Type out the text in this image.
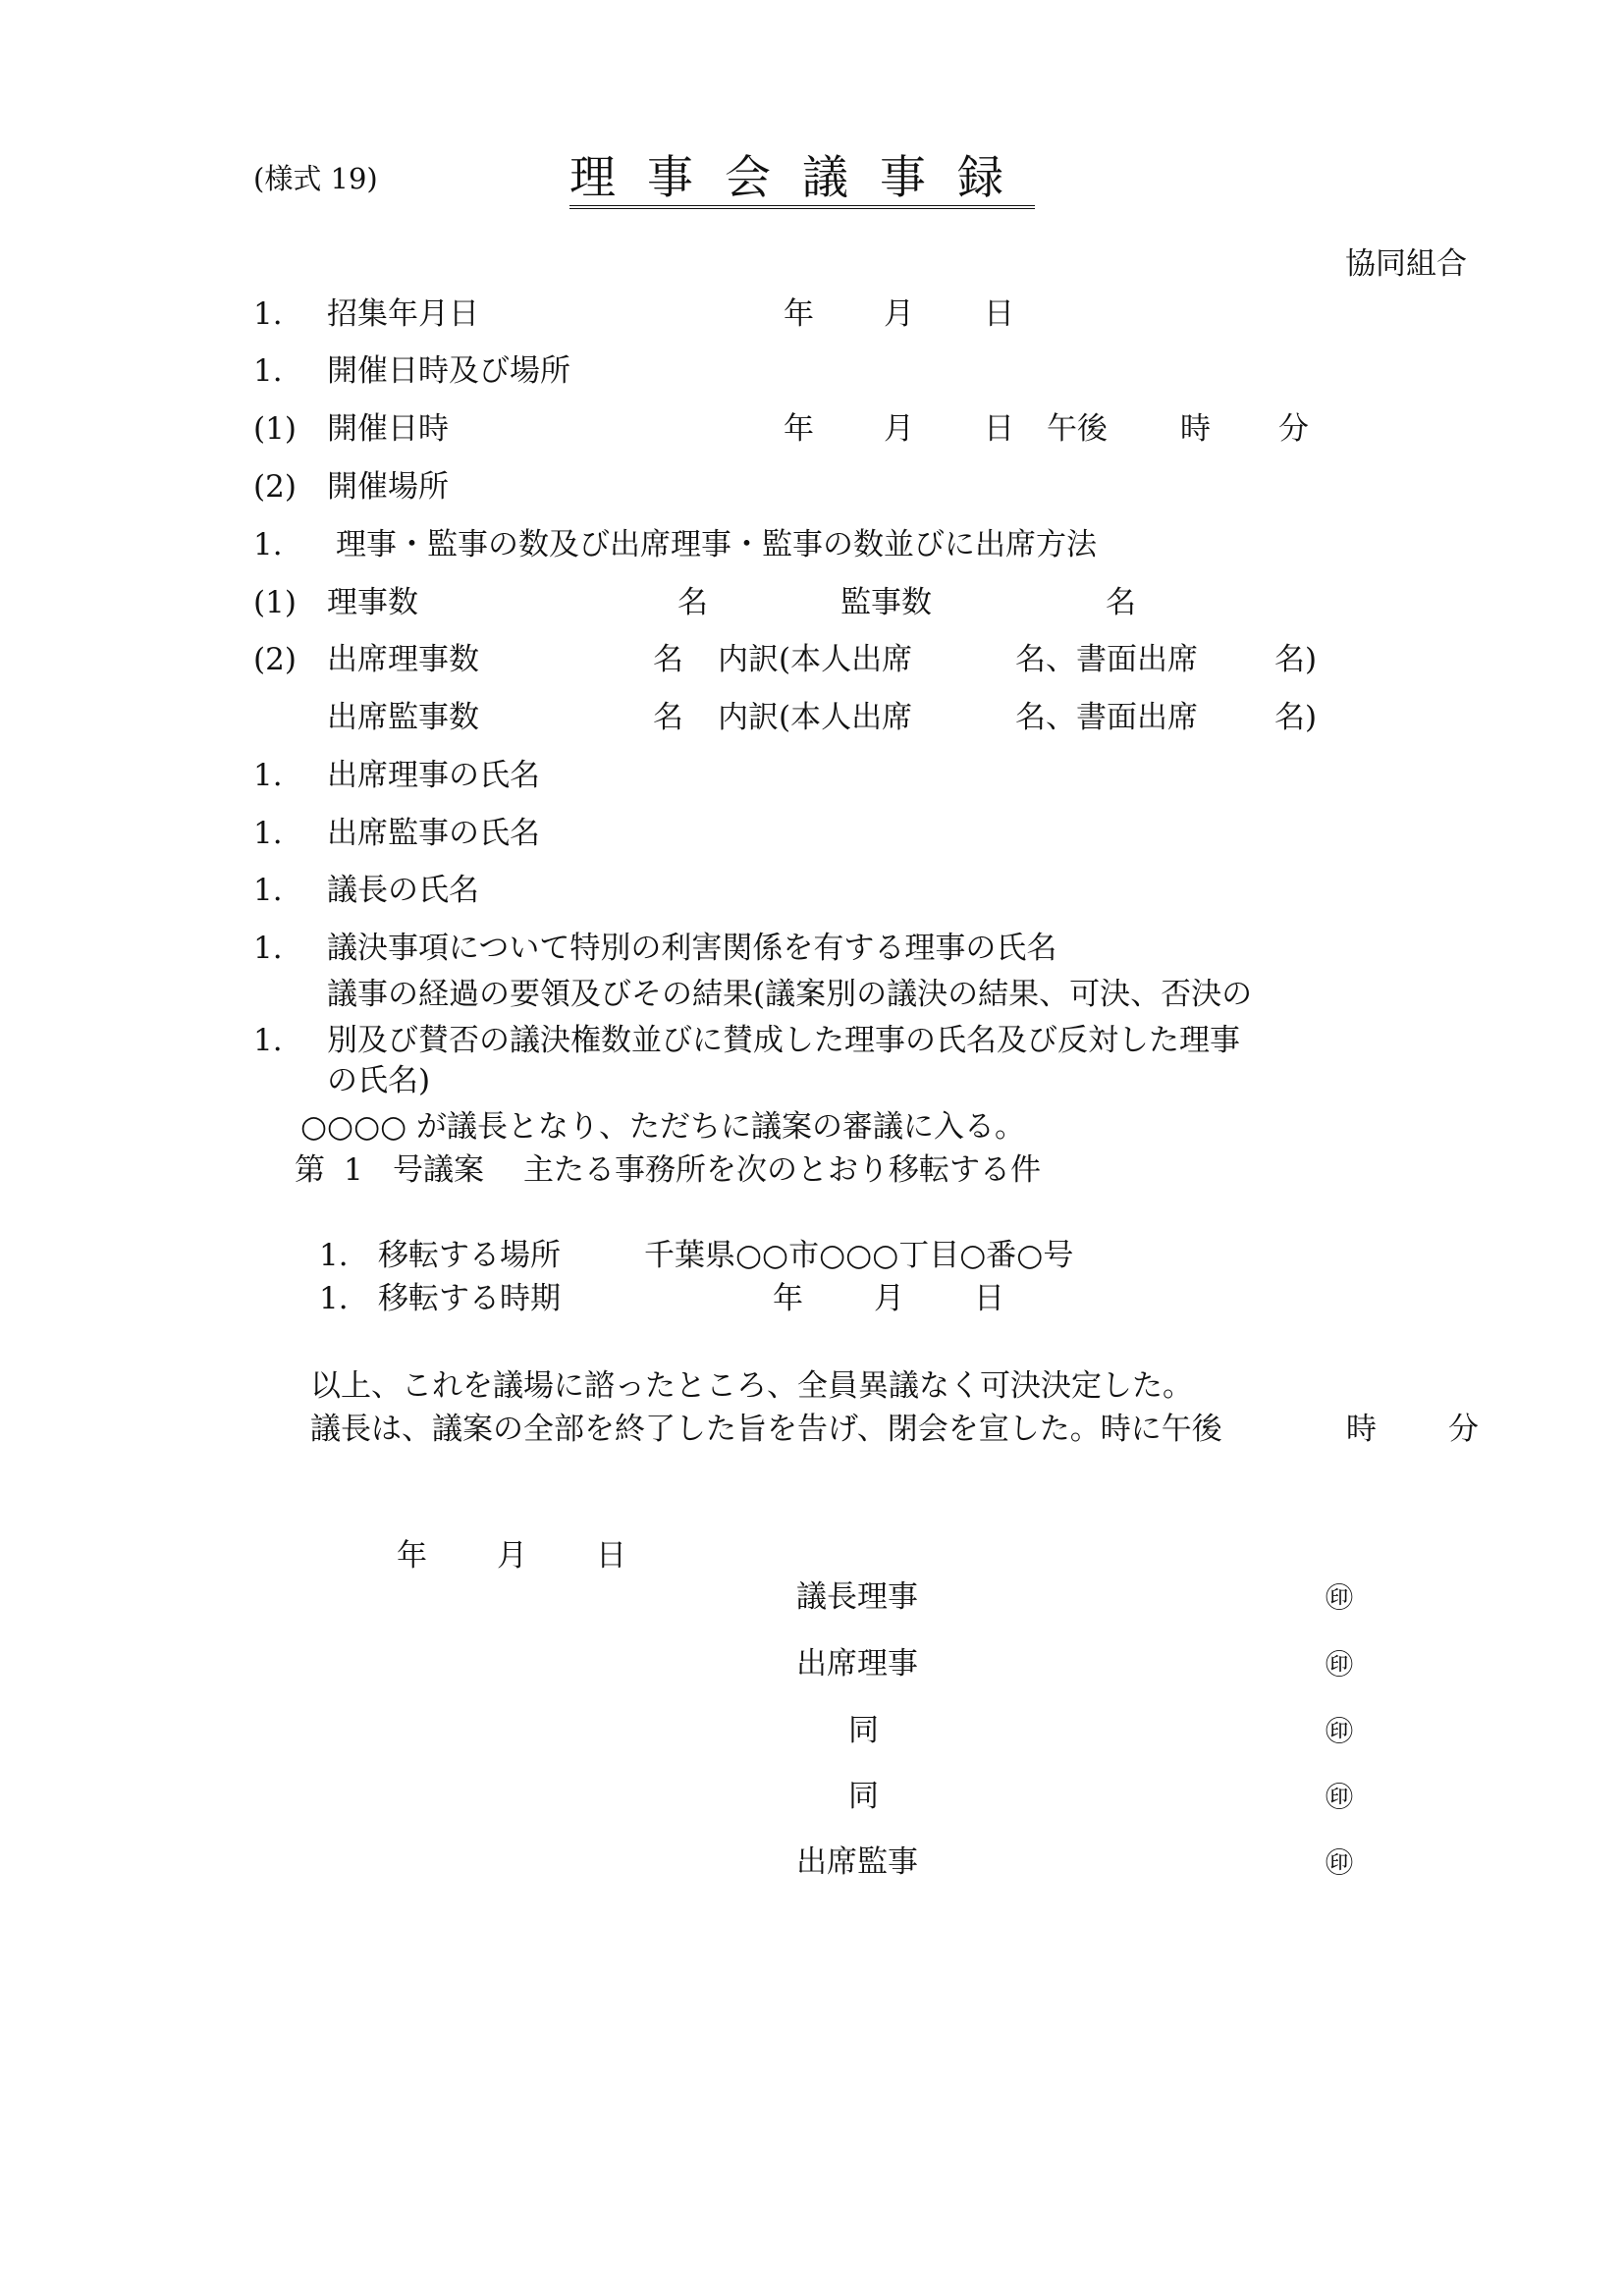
(様式 19)	理事会議事録
協同組合
1. 招集年月日	年 月 日
1. 開催日時及び場所
(1) 開催日時	年 月 日 午後 時 分
(2) 開催場所
1. 理事・監事の数及び出席理事・監事の数並びに出席方法
(1) 理事数	名	監事数	名
(2) 出席理事数	名 内訳(本人出席	名、書面出席	名)
出席監事数	名 内訳(本人出席	名、書面出席	名)
1. 出席理事の氏名
1. 出席監事の氏名
1. 議長の氏名
1. 議決事項について特別の利害関係を有する理事の氏名
議事の経過の要領及びその結果(議案別の議決の結果、可決、否決の
1. 別及び賛否の議決権数並びに賛成した理事の氏名及び反対した理事
の氏名)
○○○○ が議長となり、ただちに議案の審議に入る。
第 1 号議案 主たる事務所を次のとおり移転する件
1. 移転する場所	千葉県○○市○○○丁目○番○号
1. 移転する時期	年 月 日
以上、これを議場に諮ったところ、全員異議なく可決決定した。
議長は、議案の全部を終了した旨を告げ、閉会を宣した。時に午後	時 分
年 月 日
議長理事	㊞
出席理事	㊞
同	㊞
同	㊞
出席監事	㊞
